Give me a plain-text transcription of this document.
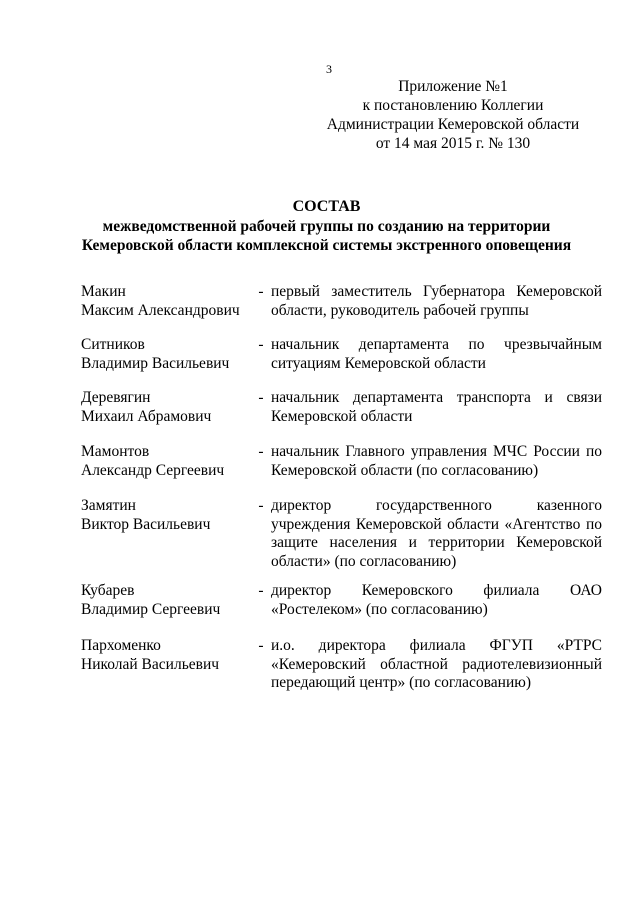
3
Приложение №1
к постановлению Коллегии
Администрации Кемеровской области
от 14 мая 2015 г. № 130
СОСТАВ
межведомственной рабочей группы по созданию на территории
Кемеровской области комплексной системы экстренного оповещения
Макин
Максим Александрович
- первый заместитель Губернатора Кемеровской области, руководитель рабочей группы
Ситников
Владимир Васильевич
- начальник департамента по чрезвычайным ситуациям Кемеровской области
Деревягин
Михаил Абрамович
- начальник департамента транспорта и связи Кемеровской области
Мамонтов
Александр Сергеевич
- начальник Главного управления МЧС России по Кемеровской области (по согласованию)
Замятин
Виктор Васильевич
- директор государственного казенного учреждения Кемеровской области «Агентство по защите населения и территории Кемеровской области» (по согласованию)
Кубарев
Владимир Сергеевич
- директор Кемеровского филиала ОАО «Ростелеком» (по согласованию)
Пархоменко
Николай Васильевич
- и.о. директора филиала ФГУП «РТРС «Кемеровский областной радиотелевизионный передающий центр» (по согласованию)
